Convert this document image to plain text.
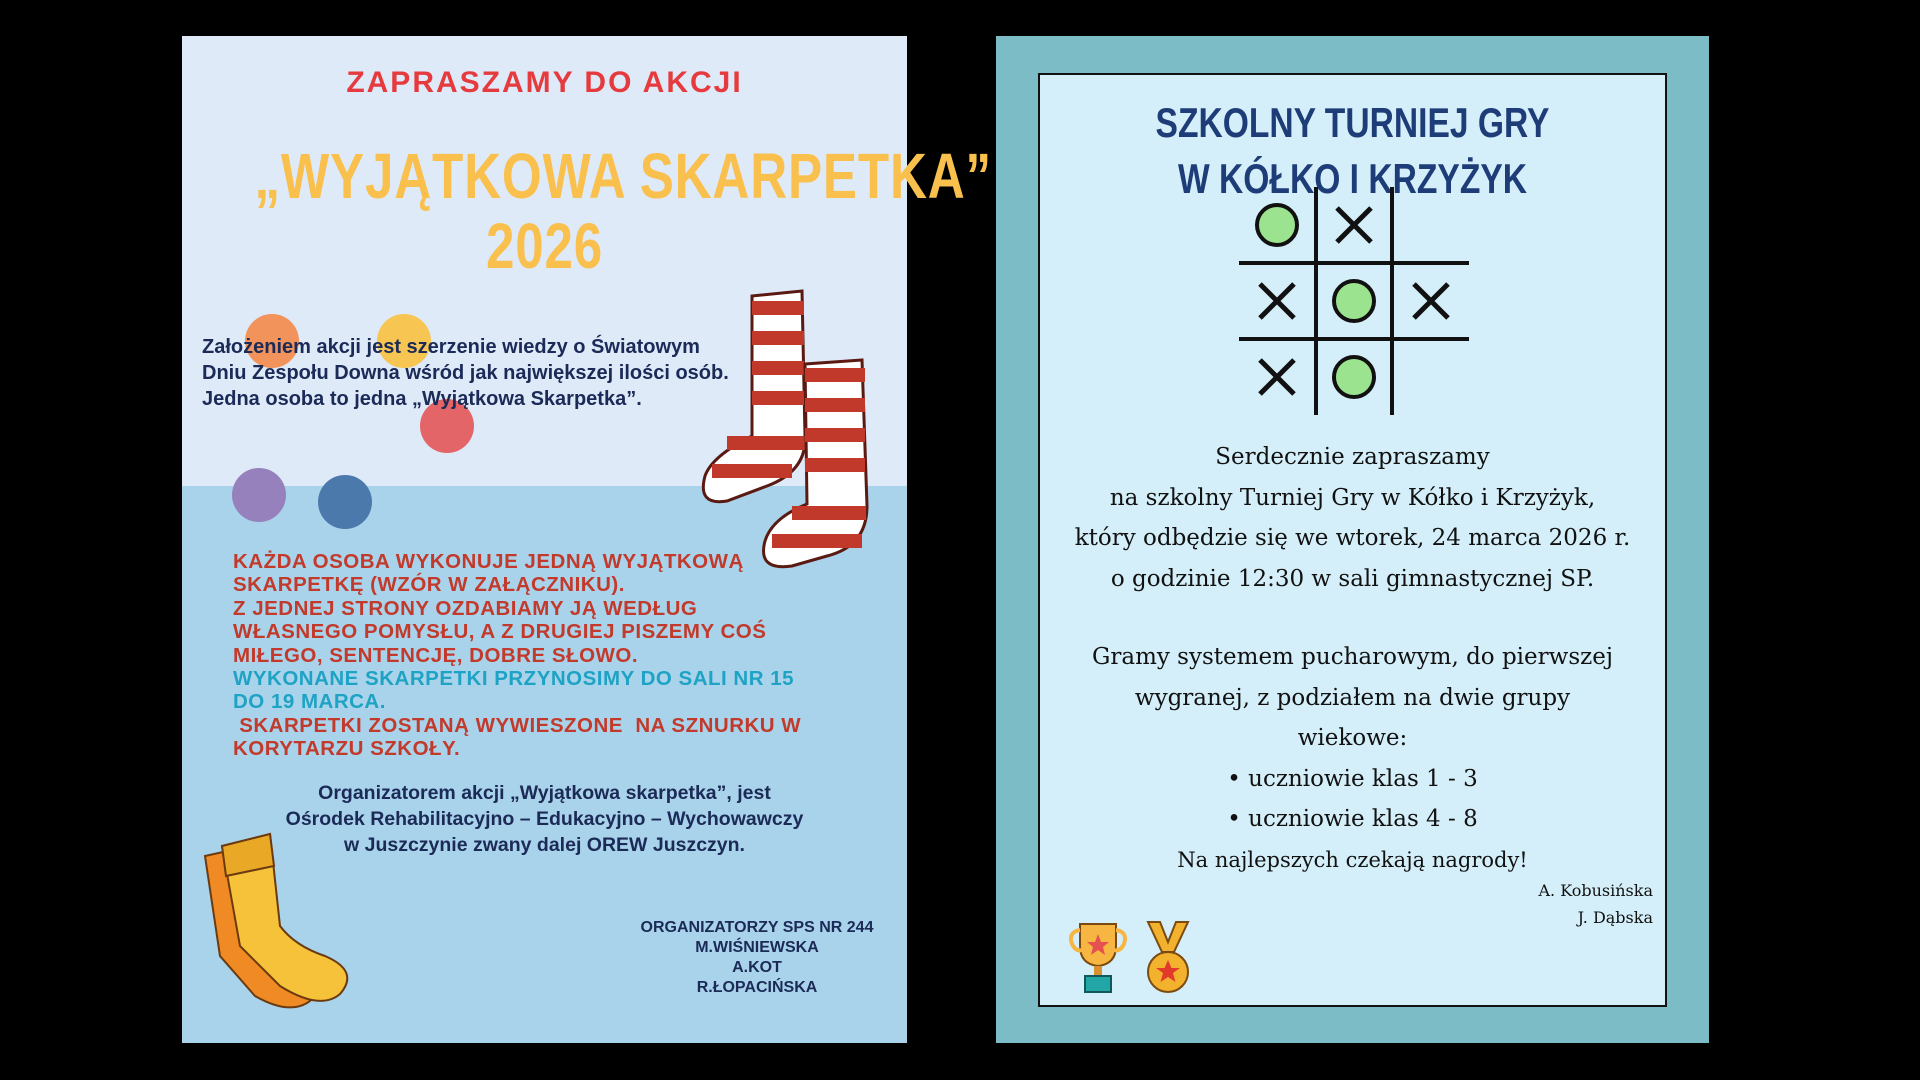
ZAPRASZAMY DO AKCJI
„WYJĄTKOWA SKARPETKA”
2026
Założeniem akcji jest szerzenie wiedzy o Światowym
Dniu Zespołu Downa wśród jak największej ilości osób.
Jedna osoba to jedna „Wyjątkowa Skarpetka”.
KAŻDA OSOBA WYKONUJE JEDNĄ WYJĄTKOWĄ
SKARPETKĘ (WZÓR W ZAŁĄCZNIKU).
Z JEDNEJ STRONY OZDABIAMY JĄ WEDŁUG
WŁASNEGO POMYSŁU, A Z DRUGIEJ PISZEMY COŚ
MIŁEGO, SENTENCJĘ, DOBRE SŁOWO.
WYKONANE SKARPETKI PRZYNOSIMY DO SALI NR 15
DO 19 MARCA.
SKARPETKI ZOSTANĄ WYWIESZONE  NA SZNURKU W
KORYTARZU SZKOŁY.
Organizatorem akcji „Wyjątkowa skarpetka”, jest
Ośrodek Rehabilitacyjno – Edukacyjno – Wychowawczy
w Juszczynie zwany dalej OREW Juszczyn.
ORGANIZATORZY SPS NR 244
M.WIŚNIEWSKA
A.KOT
R.ŁOPACIŃSKA
SZKOLNY TURNIEJ GRY
W KÓŁKO I KRZYŻYK
Serdecznie zapraszamy
na szkolny Turniej Gry w Kółko i Krzyżyk,
który odbędzie się we wtorek, 24 marca 2026 r.
o godzinie 12:30 w sali gimnastycznej SP.
Gramy systemem pucharowym, do pierwszej
wygranej, z podziałem na dwie grupy
wiekowe:
• uczniowie klas 1 - 3
• uczniowie klas 4 - 8
Na najlepszych czekają nagrody!
A. Kobusińska
J. Dąbska
